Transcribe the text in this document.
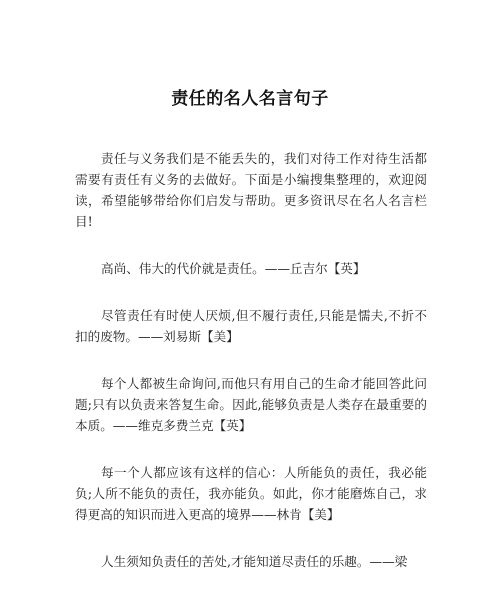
责任的名人名言句子

责任与义务我们是不能丢失的，我们对待工作对待生活都需要有责任有义务的去做好。下面是小编搜集整理的，欢迎阅读，希望能够带给你们启发与帮助。更多资讯尽在名人名言栏目!

高尚、伟大的代价就是责任。——丘吉尔【英】

尽管责任有时使人厌烦,但不履行责任,只能是懦夫,不折不扣的废物。——刘易斯【美】

每个人都被生命询问,而他只有用自己的生命才能回答此问题;只有以负责来答复生命。因此,能够负责是人类存在最重要的本质。——维克多费兰克【英】

每一个人都应该有这样的信心：人所能负的责任，我必能负;人所不能负的责任，我亦能负。如此，你才能磨炼自己，求得更高的知识而进入更高的境界——林肯【美】

人生须知负责任的苦处,才能知道尽责任的乐趣。——梁
